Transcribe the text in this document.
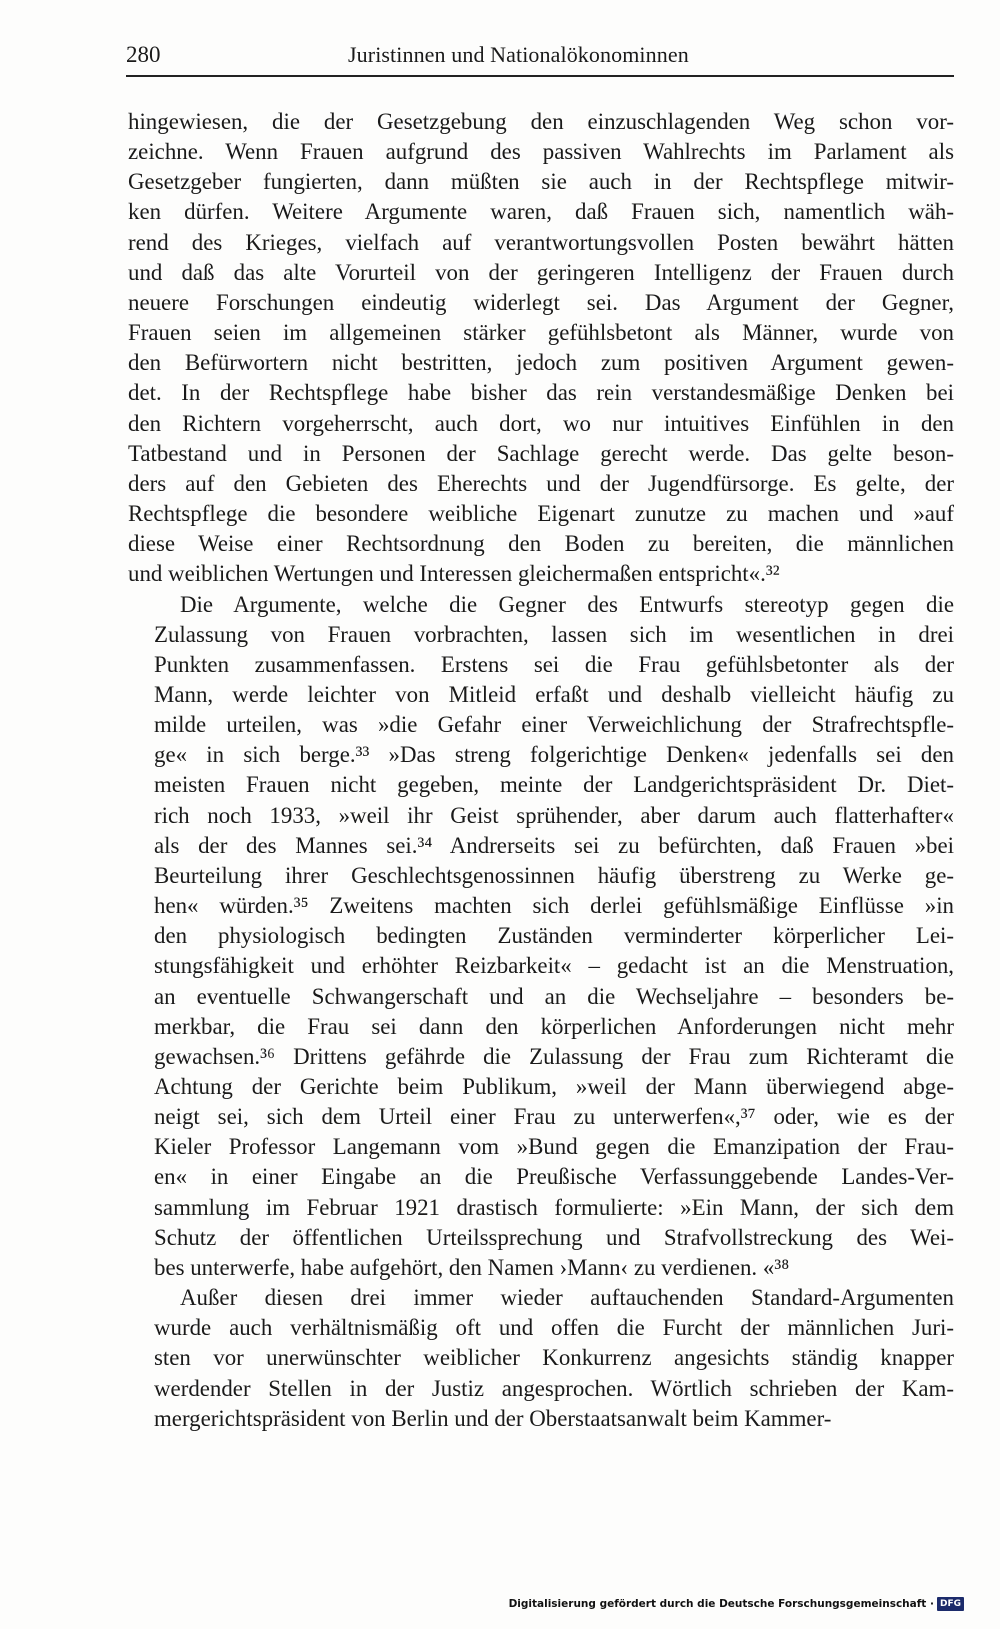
280	Juristinnen und Nationalökonominnen
hingewiesen, die der Gesetzgebung den einzuschlagenden Weg schon vor-
zeichne. Wenn Frauen aufgrund des passiven Wahlrechts im Parlament als
Gesetzgeber fungierten, dann müßten sie auch in der Rechtspflege mitwir-
ken dürfen. Weitere Argumente waren, daß Frauen sich, namentlich wäh-
rend des Krieges, vielfach auf verantwortungsvollen Posten bewährt hätten
und daß das alte Vorurteil von der geringeren Intelligenz der Frauen durch
neuere Forschungen eindeutig widerlegt sei. Das Argument der Gegner,
Frauen seien im allgemeinen stärker gefühlsbetont als Männer, wurde von
den Befürwortern nicht bestritten, jedoch zum positiven Argument gewen-
det. In der Rechtspflege habe bisher das rein verstandesmäßige Denken bei
den Richtern vorgeherrscht, auch dort, wo nur intuitives Einfühlen in den
Tatbestand und in Personen der Sachlage gerecht werde. Das gelte beson-
ders auf den Gebieten des Eherechts und der Jugendfürsorge. Es gelte, der
Rechtspflege die besondere weibliche Eigenart zunutze zu machen und »auf
diese Weise einer Rechtsordnung den Boden zu bereiten, die männlichen
und weiblichen Wertungen und Interessen gleichermaßen entspricht«.³²
Die Argumente, welche die Gegner des Entwurfs stereotyp gegen die
Zulassung von Frauen vorbrachten, lassen sich im wesentlichen in drei
Punkten zusammenfassen. Erstens sei die Frau gefühlsbetonter als der
Mann, werde leichter von Mitleid erfaßt und deshalb vielleicht häufig zu
milde urteilen, was »die Gefahr einer Verweichlichung der Strafrechtspfle-
ge« in sich berge.³³ »Das streng folgerichtige Denken« jedenfalls sei den
meisten Frauen nicht gegeben, meinte der Landgerichtspräsident Dr. Diet-
rich noch 1933, »weil ihr Geist sprühender, aber darum auch flatterhafter«
als der des Mannes sei.³⁴ Andrerseits sei zu befürchten, daß Frauen »bei
Beurteilung ihrer Geschlechtsgenossinnen häufig überstreng zu Werke ge-
hen« würden.³⁵ Zweitens machten sich derlei gefühlsmäßige Einflüsse »in
den physiologisch bedingten Zuständen verminderter körperlicher Lei-
stungsfähigkeit und erhöhter Reizbarkeit« – gedacht ist an die Menstruation,
an eventuelle Schwangerschaft und an die Wechseljahre – besonders be-
merkbar, die Frau sei dann den körperlichen Anforderungen nicht mehr
gewachsen.³⁶ Drittens gefährde die Zulassung der Frau zum Richteramt die
Achtung der Gerichte beim Publikum, »weil der Mann überwiegend abge-
neigt sei, sich dem Urteil einer Frau zu unterwerfen«,³⁷ oder, wie es der
Kieler Professor Langemann vom »Bund gegen die Emanzipation der Frau-
en« in einer Eingabe an die Preußische Verfassunggebende Landes-Ver-
sammlung im Februar 1921 drastisch formulierte: »Ein Mann, der sich dem
Schutz der öffentlichen Urteilssprechung und Strafvollstreckung des Wei-
bes unterwerfe, habe aufgehört, den Namen ›Mann‹ zu verdienen. «³⁸
Außer diesen drei immer wieder auftauchenden Standard-Argumenten
wurde auch verhältnismäßig oft und offen die Furcht der männlichen Juri-
sten vor unerwünschter weiblicher Konkurrenz angesichts ständig knapper
werdender Stellen in der Justiz angesprochen. Wörtlich schrieben der Kam-
mergerichtspräsident von Berlin und der Oberstaatsanwalt beim Kammer-
Digitalisierung gefördert durch die Deutsche Forschungsgemeinschaft · DFG
